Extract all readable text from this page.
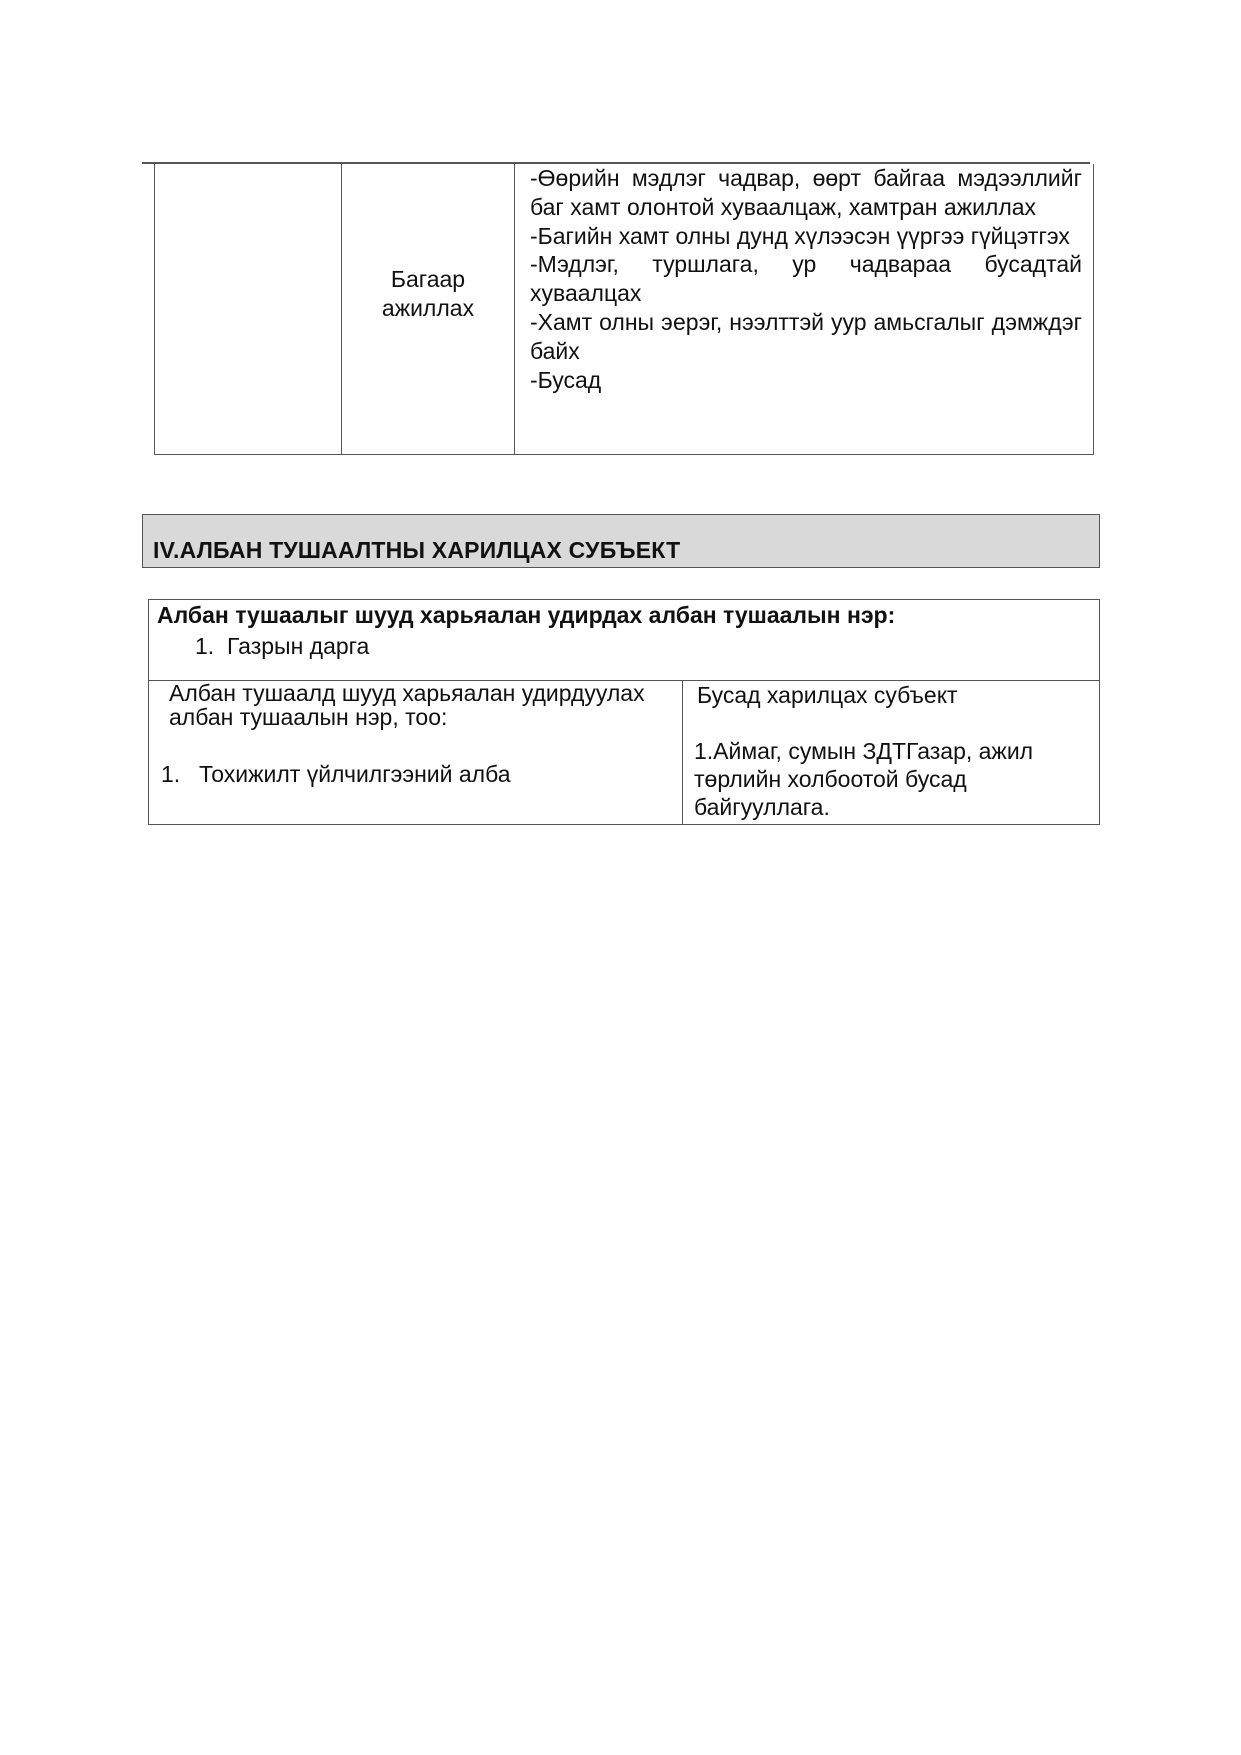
Багаар ажиллах
-Өөрийн мэдлэг чадвар, өөрт байгаа мэдээллийг баг хамт олонтой хуваалцаж, хамтран ажиллах
-Багийн хамт олны дунд хүлээсэн үүргээ гүйцэтгэх
-Мэдлэг, туршлага, ур чадвараа бусадтай хуваалцах
-Хамт олны эерэг, нээлттэй уур амьсгалыг дэмждэг байх
-Бусад
IV.АЛБАН ТУШААЛТНЫ ХАРИЛЦАХ СУБЪЕКТ
Албан тушаалыг шууд харьяалан удирдах албан тушаалын нэр:
1. Газрын дарга
Албан тушаалд шууд харьяалан удирдуулах албан тушаалын нэр, тоо:
1. Тохижилт үйлчилгээний алба
Бусад харилцах субъект
1.Аймаг, сумын ЗДТГазар, ажил төрлийн холбоотой бусад байгууллага.
